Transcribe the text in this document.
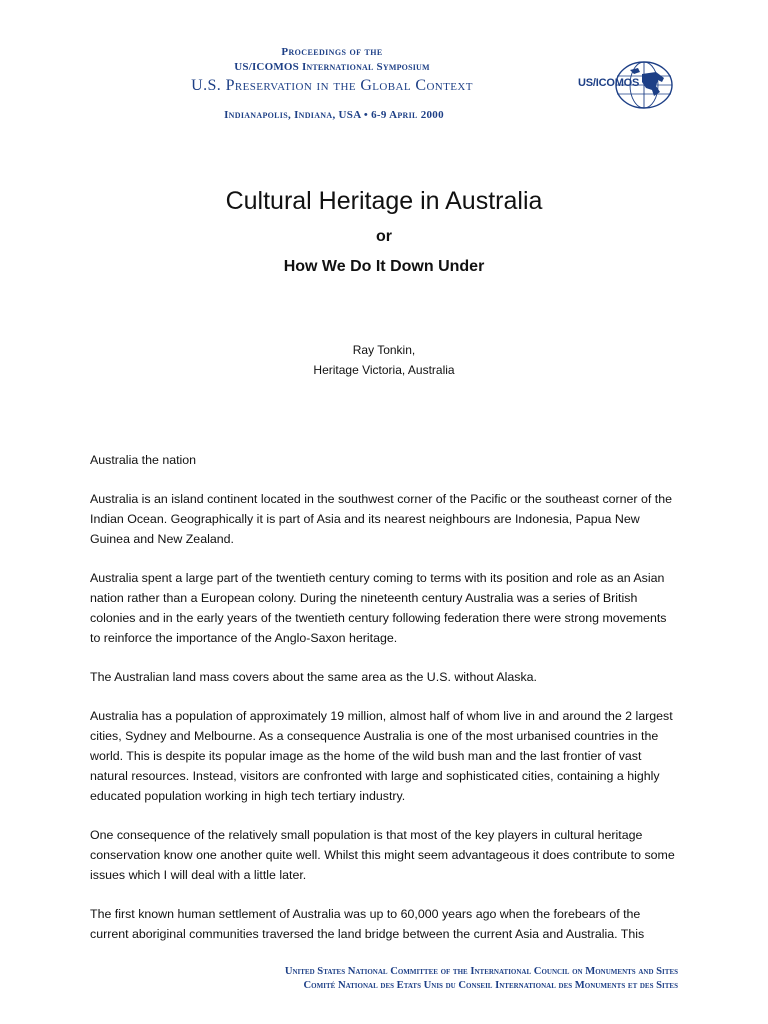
Proceedings of the
US/ICOMOS International Symposium
U.S. Preservation in the Global Context
Indianapolis, Indiana, USA • 6-9 April 2000
US/ICOMOS
Cultural Heritage in Australia
or
How We Do It Down Under
Ray Tonkin,
Heritage Victoria, Australia
Australia the nation

Australia is an island continent located in the southwest corner of the Pacific or the southeast corner of the Indian Ocean. Geographically it is part of Asia and its nearest neighbours are Indonesia, Papua New Guinea and New Zealand.

Australia spent a large part of the twentieth century coming to terms with its position and role as an Asian nation rather than a European colony. During the nineteenth century Australia was a series of British colonies and in the early years of the twentieth century following federation there were strong movements to reinforce the importance of the Anglo-Saxon heritage.

The Australian land mass covers about the same area as the U.S. without Alaska.

Australia has a population of approximately 19 million, almost half of whom live in and around the 2 largest cities, Sydney and Melbourne. As a consequence Australia is one of the most urbanised countries in the world. This is despite its popular image as the home of the wild bush man and the last frontier of vast natural resources. Instead, visitors are confronted with large and sophisticated cities, containing a highly educated population working in high tech tertiary industry.

One consequence of the relatively small population is that most of the key players in cultural heritage conservation know one another quite well. Whilst this might seem advantageous it does contribute to some issues which I will deal with a little later.

The first known human settlement of Australia was up to 60,000 years ago when the forebears of the current aboriginal communities traversed the land bridge between the current Asia and Australia. This

United States National Committee of the International Council on Monuments and Sites
Comité National des Etats Unis du Conseil International des Monuments et des Sites
